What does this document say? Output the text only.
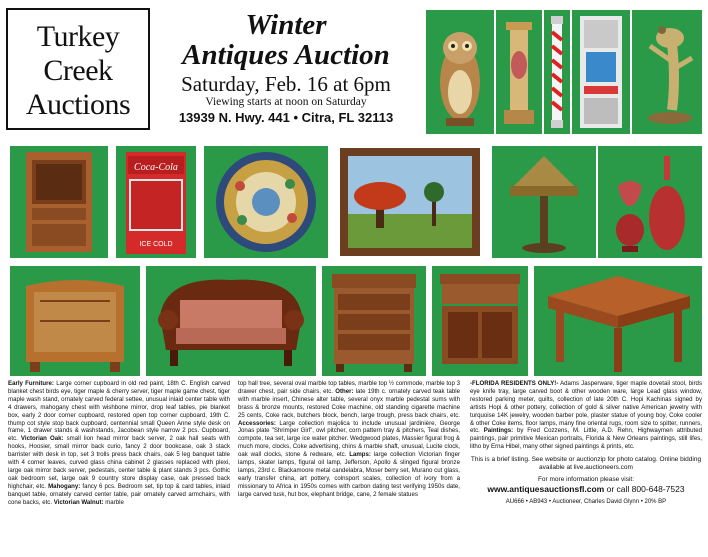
Turkey
Creek
Auctions
Winter
Antiques Auction
Saturday, Feb. 16 at 6pm
Viewing starts at noon on Saturday
13939 N. Hwy. 441 • Citra, FL 32113
Coca-Cola
ICE COLD
Early Furniture: Large corner cupboard in old red paint, 18th C. English carved blanket chest birds eye, tiger maple & cherry server, tiger maple game chest, tiger maple wash stand, ornately carved federal settee, unusual inlaid center table with 4 drawers, mahogany chest with wishbone mirror, drop leaf tables, pie blanket box, early 2 door corner cupboard, restored open top corner cupboard, 19th C. thump cot style stop back cupboard, centennial small Queen Anne style desk on frame, 1 drawer stands & washstands, Jacobean style narrow 2 pcs. Cupboard, etc. Victorian Oak: small lion head mirror back server, 2 oak hall seats with hooks, Hoosier, small mirror back curio, fancy 2 door bookcase, oak 3 stack barrister with desk in top, set 3 trolls press back chairs, oak 5 leg banquet table with 4 corner leaves, curved glass china cabinet 2 glasses replaced with plexi, large oak mirror back server, pedestals, center table & plant stands 3 pcs. Gothic oak bedroom set, large oak 9 country store display case, oak pressed back highchair, etc. Mahogany: fancy 6 pcs. Bedroom set, tip top & card tables, inlaid banquet table, ornately carved center table, pair ornately carved armchairs, with cone backs, etc. Victorian Walnut: marble
top hall tree, several oval marble top tables, marble top ½ commode, marble top 3 drawer chest, pair side chairs, etc. Other: late 19th c. ornately carved teak table with marble insert, Chinese alter table, several onyx marble pedestal sums with brass & bronze mounts, restored Coke machine, old standing cigarette machine 25 cents, Coke rack, butchers block, bench, large trough, press back chairs, etc. Accessories: Large collection majolica to include unusual jardinière, George Jonas plate "Shrimper Girl", owl pitcher, corn pattern tray & pitchers, Teal dishes, compote, tea set, large ice water pitcher. Wedgwood plates, Massier figural frog & much more, clocks, Coke advertising, chins & marble shaft, unusual, Lucite clock, oak wall clocks, stone & redware, etc. Lamps: large collection Victorian finger lamps, skater lamps, figural oil lamp, Jefferson, Apollo & slinged figural bronze lamps, 23rd c. Blackamoore metal candelabra, Moser berry set, Murano cut glass, early transfer china, art pottery, colnsport scales, collection of ivory from a missionary to Africa in 1950s comes with carbon dating test verifying 1950s date, large carved tusk, hut box, elephant bridge, cane, 2 female statues
-FLORIDA RESIDENTS ONLY!- Adams Jasperware, tiger maple dovetail stool, birds eye knife tray, large carved boot & other wooden ware, large Lead glass window, restored parking meter, quilts, collection of late 20th C. Hopi Kachinas signed by artists Hopi & other pottery, collection of gold & silver native American jewelry with turquoise 14K jewelry, wooden barber pole, plaster statue of young boy, Coke cooler & other Coke items, floor lamps, many fine oriental rugs, room size to spitter, runners, etc. Paintings: by Fred Cozzens, M. Little, A.D. Rehn, Highwaymen attributed paintings, pair primitive Mexican portraits, Florida & New Orleans paintings, still lifes, litho by Erna Hibel, many other signed paintings & prints, etc.
This is a brief listing. See website or auctionzip for photo catalog. Online bidding available at live.auctioneers.com
For more information please visit:
www.antiquesauctionsfl.com or call 800-648-7523
AU666 • AB943 • Auctioneer, Charles David Glynn • 20% BP
